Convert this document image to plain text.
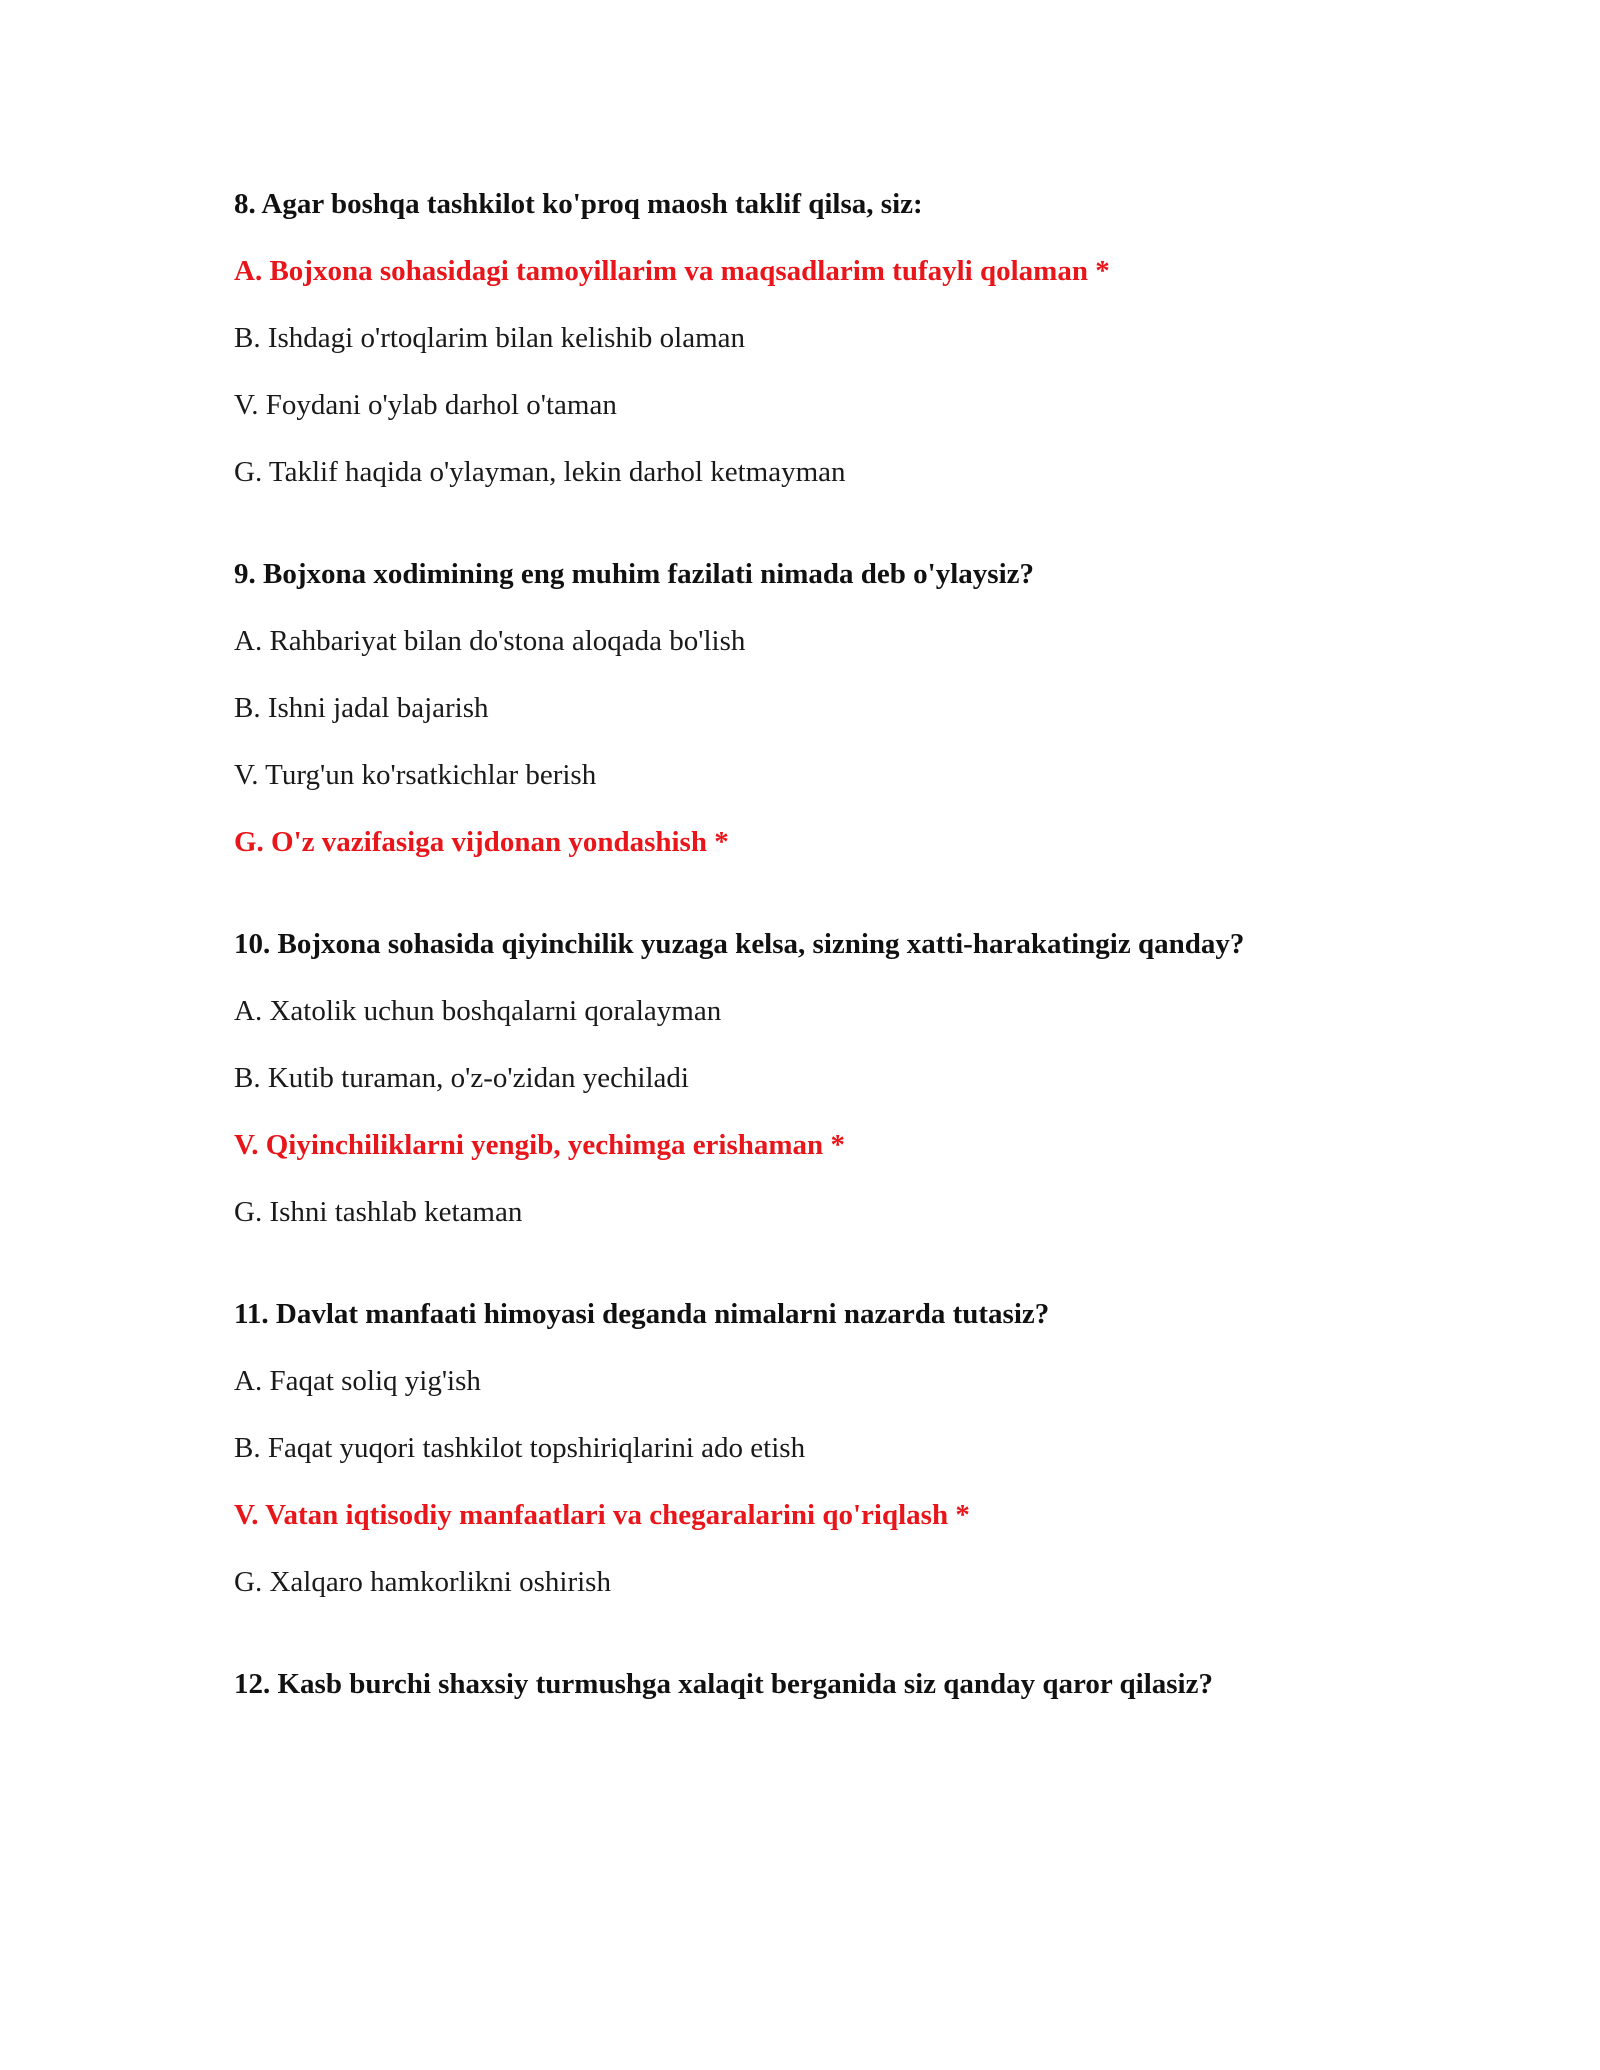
8. Agar boshqa tashkilot ko'proq maosh taklif qilsa, siz:
A. Bojxona sohasidagi tamoyillarim va maqsadlarim tufayli qolaman *
B. Ishdagi o'rtoqlarim bilan kelishib olaman
V. Foydani o'ylab darhol o'taman
G. Taklif haqida o'ylayman, lekin darhol ketmayman
9. Bojxona xodimining eng muhim fazilati nimada deb o'ylaysiz?
A. Rahbariyat bilan do'stona aloqada bo'lish
B. Ishni jadal bajarish
V. Turg'un ko'rsatkichlar berish
G. O'z vazifasiga vijdonan yondashish *
10. Bojxona sohasida qiyinchilik yuzaga kelsa, sizning xatti-harakatingiz qanday?
A. Xatolik uchun boshqalarni qoralayman
B. Kutib turaman, o'z-o'zidan yechiladi
V. Qiyinchiliklarni yengib, yechimga erishaman *
G. Ishni tashlab ketaman
11. Davlat manfaati himoyasi deganda nimalarni nazarda tutasiz?
A. Faqat soliq yig'ish
B. Faqat yuqori tashkilot topshiriqlarini ado etish
V. Vatan iqtisodiy manfaatlari va chegaralarini qo'riqlash *
G. Xalqaro hamkorlikni oshirish
12. Kasb burchi shaxsiy turmushga xalaqit berganida siz qanday qaror qilasiz?
